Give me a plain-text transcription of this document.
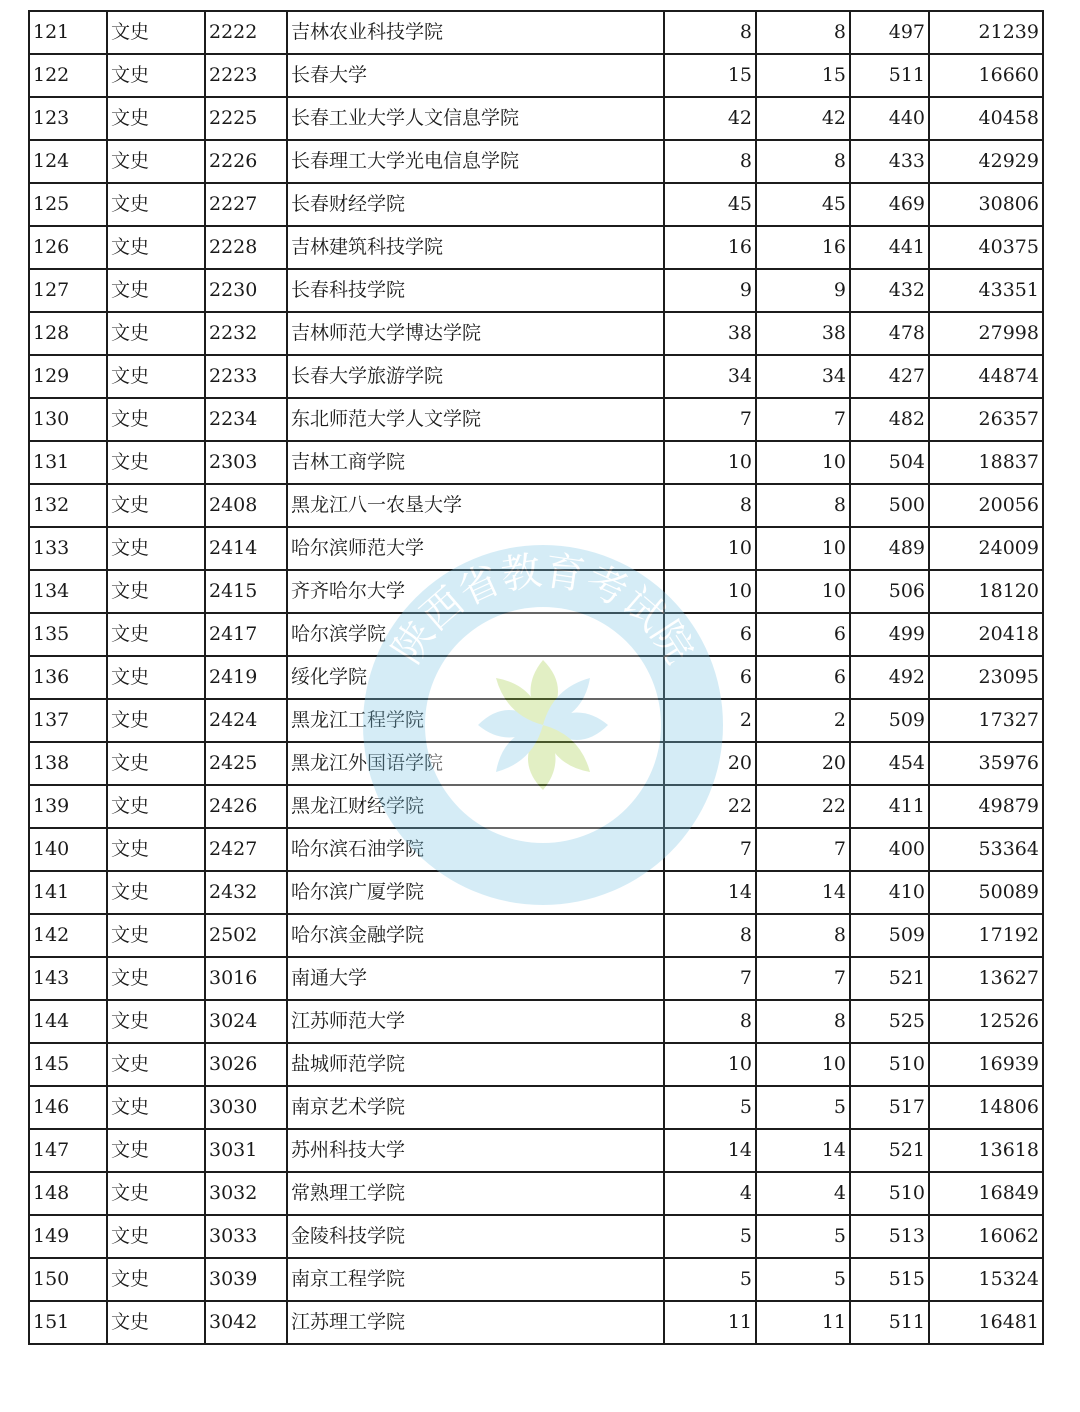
121	文史	2222	吉林农业科技学院	8	8	497	21239
122	文史	2223	长春大学	15	15	511	16660
123	文史	2225	长春工业大学人文信息学院	42	42	440	40458
124	文史	2226	长春理工大学光电信息学院	8	8	433	42929
125	文史	2227	长春财经学院	45	45	469	30806
126	文史	2228	吉林建筑科技学院	16	16	441	40375
127	文史	2230	长春科技学院	9	9	432	43351
128	文史	2232	吉林师范大学博达学院	38	38	478	27998
129	文史	2233	长春大学旅游学院	34	34	427	44874
130	文史	2234	东北师范大学人文学院	7	7	482	26357
131	文史	2303	吉林工商学院	10	10	504	18837
132	文史	2408	黑龙江八一农垦大学	8	8	500	20056
133	文史	2414	哈尔滨师范大学	10	10	489	24009
134	文史	2415	齐齐哈尔大学	10	10	506	18120
135	文史	2417	哈尔滨学院	6	6	499	20418
136	文史	2419	绥化学院	6	6	492	23095
137	文史	2424	黑龙江工程学院	2	2	509	17327
138	文史	2425	黑龙江外国语学院	20	20	454	35976
139	文史	2426	黑龙江财经学院	22	22	411	49879
140	文史	2427	哈尔滨石油学院	7	7	400	53364
141	文史	2432	哈尔滨广厦学院	14	14	410	50089
142	文史	2502	哈尔滨金融学院	8	8	509	17192
143	文史	3016	南通大学	7	7	521	13627
144	文史	3024	江苏师范大学	8	8	525	12526
145	文史	3026	盐城师范学院	10	10	510	16939
146	文史	3030	南京艺术学院	5	5	517	14806
147	文史	3031	苏州科技大学	14	14	521	13618
148	文史	3032	常熟理工学院	4	4	510	16849
149	文史	3033	金陵科技学院	5	5	513	16062
150	文史	3039	南京工程学院	5	5	515	15324
151	文史	3042	江苏理工学院	11	11	511	16481
陕西省教育考试院
SNEEA
